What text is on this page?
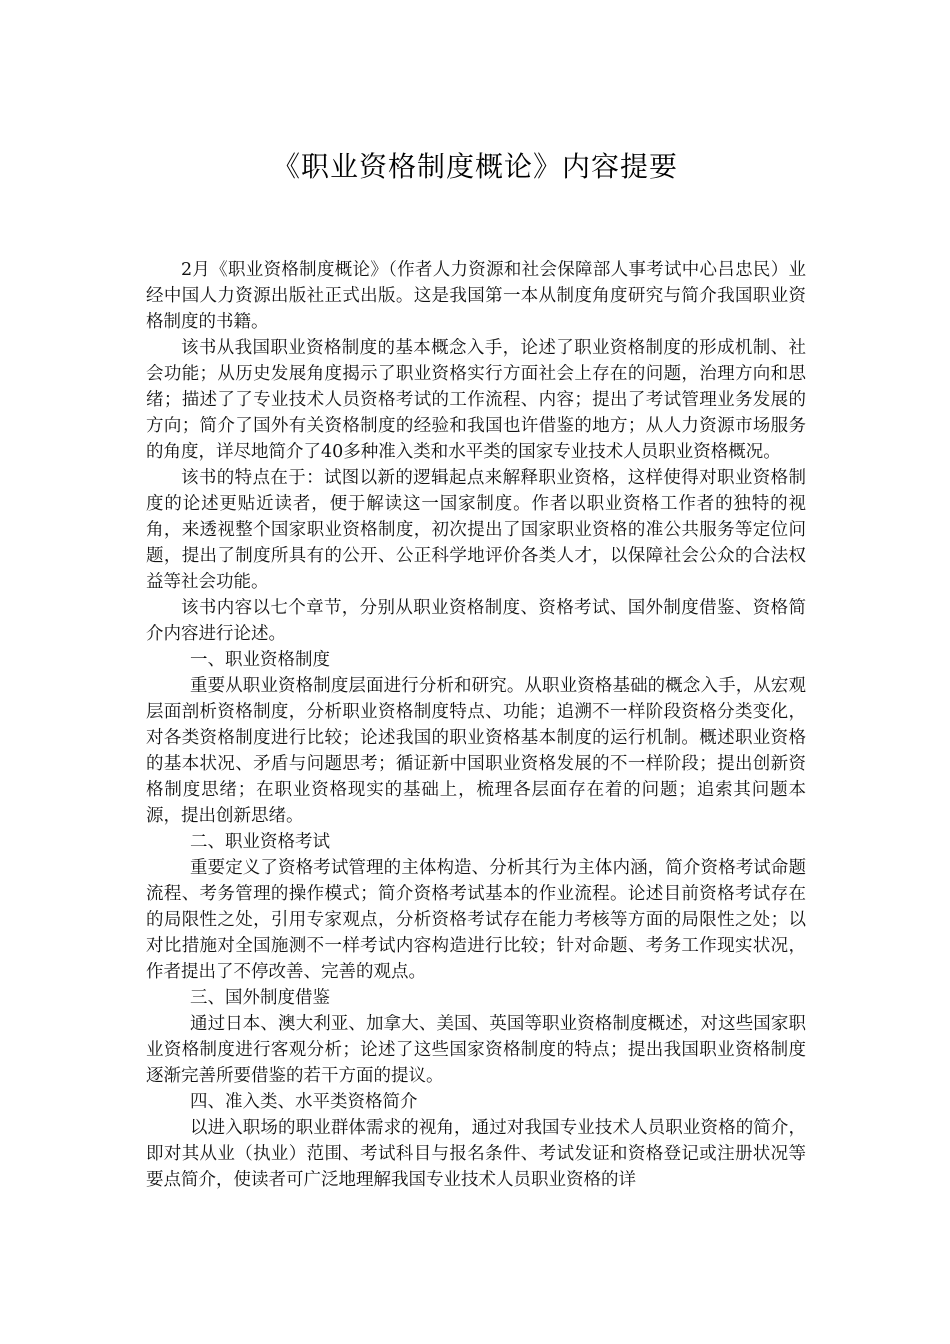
《职业资格制度概论》内容提要

2月《职业资格制度概论》（作者人力资源和社会保障部人事考试中心吕忠民）业经中国人力资源出版社正式出版。这是我国第一本从制度角度研究与简介我国职业资格制度的书籍。

该书从我国职业资格制度的基本概念入手，论述了职业资格制度的形成机制、社会功能；从历史发展角度揭示了职业资格实行方面社会上存在的问题，治理方向和思绪；描述了了专业技术人员资格考试的工作流程、内容；提出了考试管理业务发展的方向；简介了国外有关资格制度的经验和我国也许借鉴的地方；从人力资源市场服务的角度，详尽地简介了40多种准入类和水平类的国家专业技术人员职业资格概况。

该书的特点在于：试图以新的逻辑起点来解释职业资格，这样使得对职业资格制度的论述更贴近读者，便于解读这一国家制度。作者以职业资格工作者的独特的视角，来透视整个国家职业资格制度，初次提出了国家职业资格的准公共服务等定位问题，提出了制度所具有的公开、公正科学地评价各类人才，以保障社会公众的合法权益等社会功能。

该书内容以七个章节，分别从职业资格制度、资格考试、国外制度借鉴、资格简介内容进行论述。

一、职业资格制度

重要从职业资格制度层面进行分析和研究。从职业资格基础的概念入手，从宏观层面剖析资格制度，分析职业资格制度特点、功能；追溯不一样阶段资格分类变化，对各类资格制度进行比较；论述我国的职业资格基本制度的运行机制。概述职业资格的基本状况、矛盾与问题思考；循证新中国职业资格发展的不一样阶段；提出创新资格制度思绪；在职业资格现实的基础上，梳理各层面存在着的问题；追索其问题本源，提出创新思绪。

二、职业资格考试

重要定义了资格考试管理的主体构造、分析其行为主体内涵，简介资格考试命题流程、考务管理的操作模式；简介资格考试基本的作业流程。论述目前资格考试存在的局限性之处，引用专家观点，分析资格考试存在能力考核等方面的局限性之处；以对比措施对全国施测不一样考试内容构造进行比较；针对命题、考务工作现实状况，作者提出了不停改善、完善的观点。

三、国外制度借鉴

通过日本、澳大利亚、加拿大、美国、英国等职业资格制度概述，对这些国家职业资格制度进行客观分析；论述了这些国家资格制度的特点；提出我国职业资格制度逐渐完善所要借鉴的若干方面的提议。

四、准入类、水平类资格简介

以进入职场的职业群体需求的视角，通过对我国专业技术人员职业资格的简介，即对其从业（执业）范围、考试科目与报名条件、考试发证和资格登记或注册状况等要点简介，使读者可广泛地理解我国专业技术人员职业资格的详
